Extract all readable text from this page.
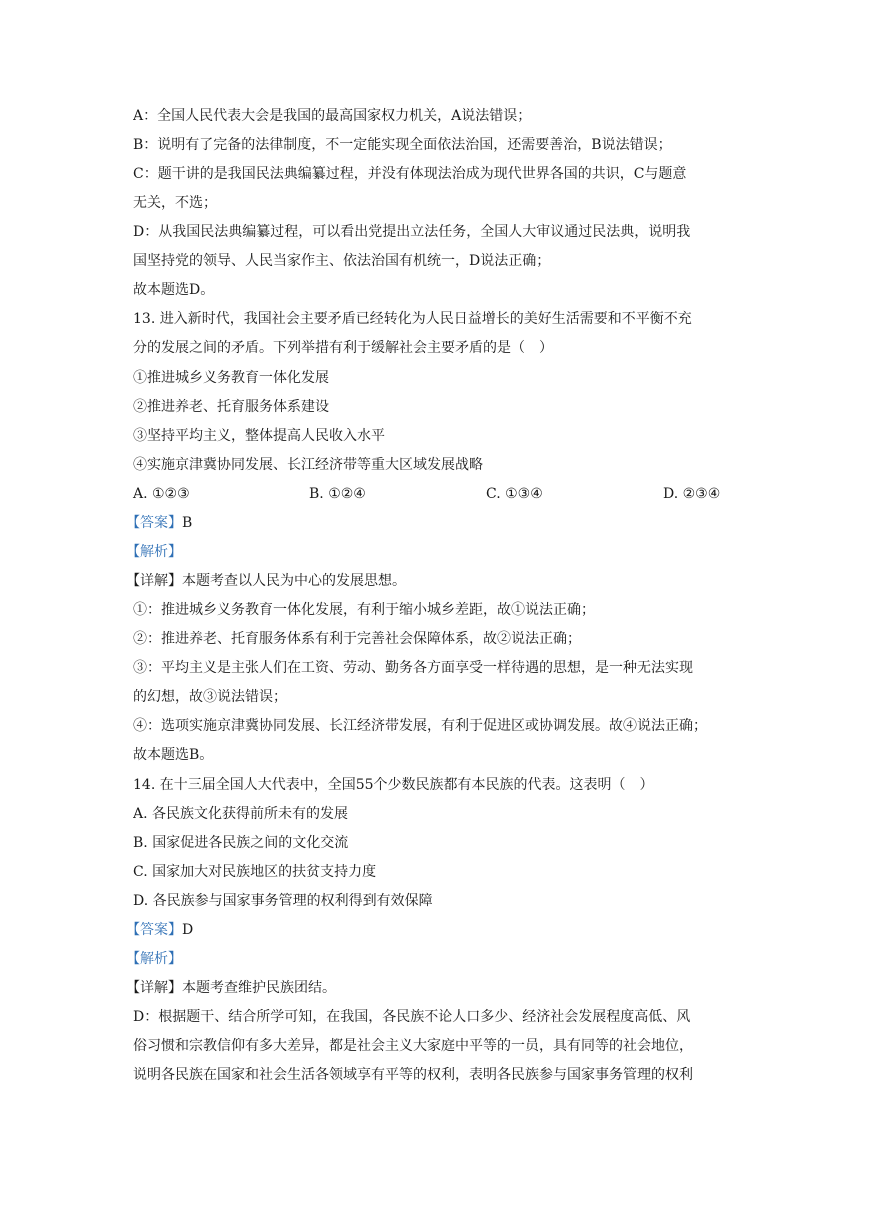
A：全国人民代表大会是我国的最高国家权力机关，A说法错误；
B：说明有了完备的法律制度，不一定能实现全面依法治国，还需要善治，B说法错误；
C：题干讲的是我国民法典编纂过程，并没有体现法治成为现代世界各国的共识，C与题意
无关，不选；
D：从我国民法典编纂过程，可以看出党提出立法任务，全国人大审议通过民法典，说明我
国坚持党的领导、人民当家作主、依法治国有机统一，D说法正确；
故本题选D。
13. 进入新时代，我国社会主要矛盾已经转化为人民日益增长的美好生活需要和不平衡不充
分的发展之间的矛盾。下列举措有利于缓解社会主要矛盾的是（　）
①推进城乡义务教育一体化发展
②推进养老、托育服务体系建设
③坚持平均主义，整体提高人民收入水平
④实施京津冀协同发展、长江经济带等重大区域发展战略
A. ①②③	B. ①②④	C. ①③④	D. ②③④
【答案】B
【解析】
【详解】本题考查以人民为中心的发展思想。
①：推进城乡义务教育一体化发展，有利于缩小城乡差距，故①说法正确；
②：推进养老、托育服务体系有利于完善社会保障体系，故②说法正确；
③：平均主义是主张人们在工资、劳动、勤务各方面享受一样待遇的思想，是一种无法实现
的幻想，故③说法错误；
④：选项实施京津冀协同发展、长江经济带发展，有利于促进区或协调发展。故④说法正确；
故本题选B。
14. 在十三届全国人大代表中，全国55个少数民族都有本民族的代表。这表明（　）
A. 各民族文化获得前所未有的发展
B. 国家促进各民族之间的文化交流
C. 国家加大对民族地区的扶贫支持力度
D. 各民族参与国家事务管理的权利得到有效保障
【答案】D
【解析】
【详解】本题考查维护民族团结。
D：根据题干、结合所学可知，在我国，各民族不论人口多少、经济社会发展程度高低、风
俗习惯和宗教信仰有多大差异，都是社会主义大家庭中平等的一员，具有同等的社会地位，
说明各民族在国家和社会生活各领域享有平等的权利，表明各民族参与国家事务管理的权利
